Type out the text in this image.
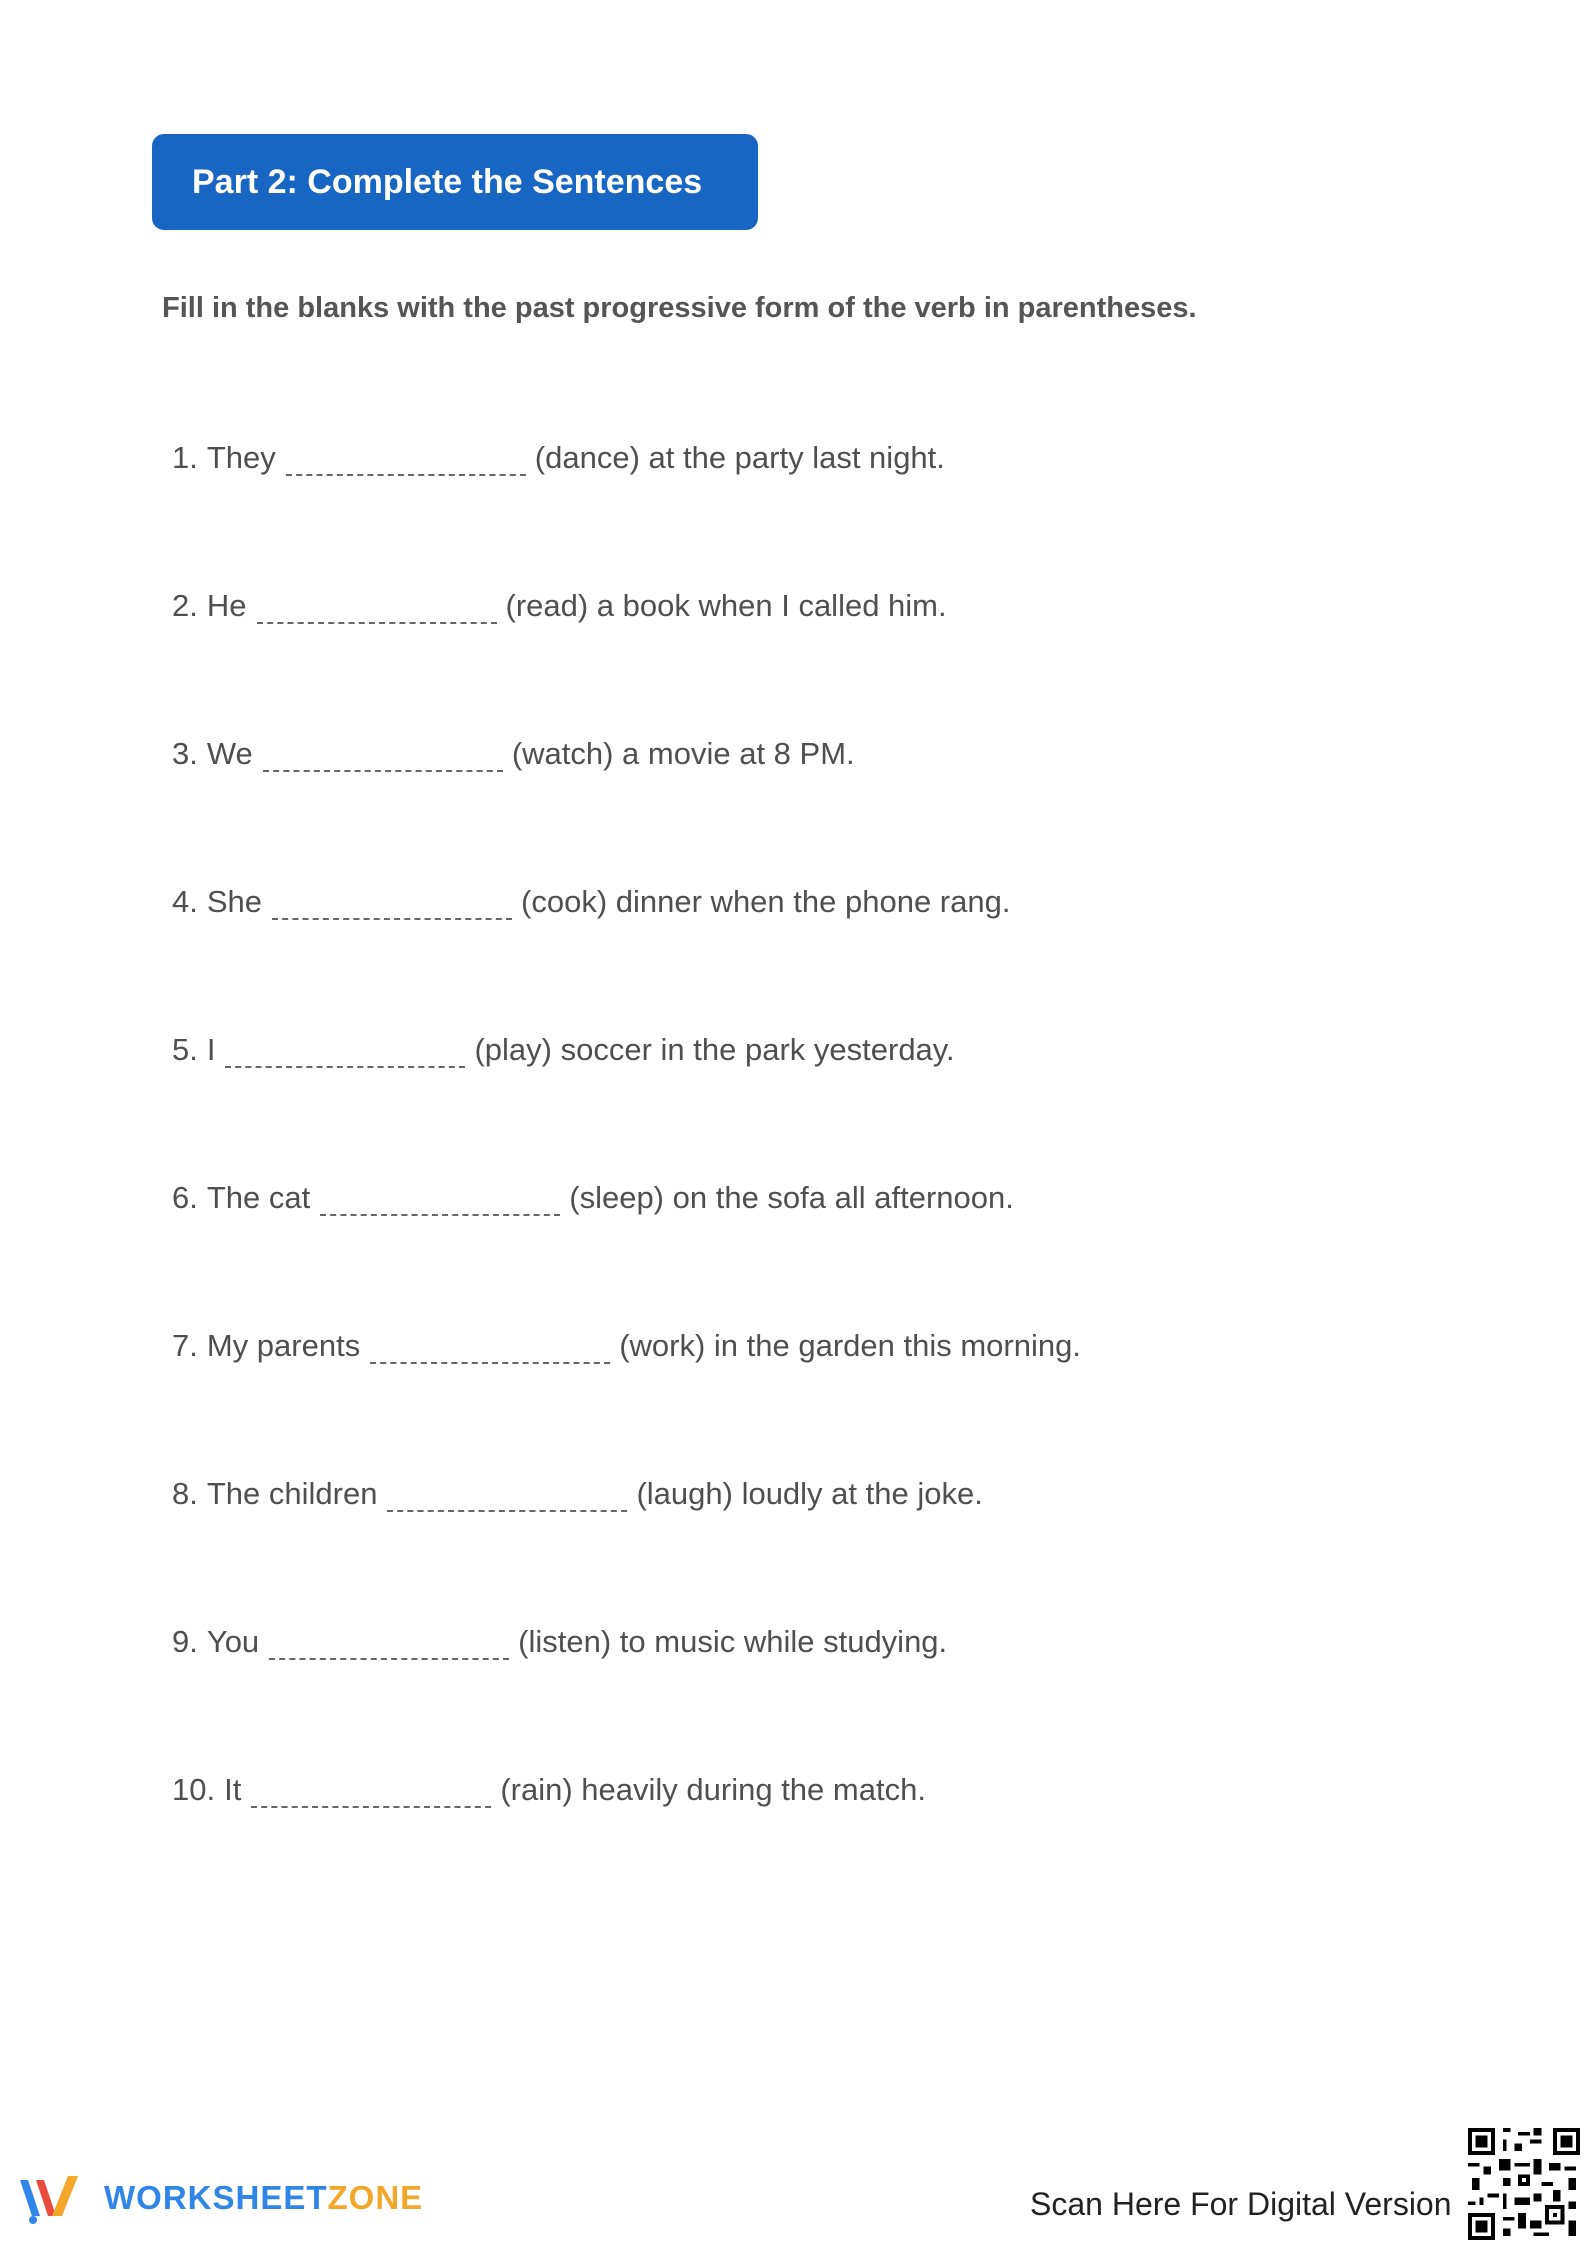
Part 2: Complete the Sentences
Fill in the blanks with the past progressive form of the verb in parentheses.
1. They	(dance) at the party last night.
2. He	(read) a book when I called him.
3. We	(watch) a movie at 8 PM.
4. She	(cook) dinner when the phone rang.
5. I	(play) soccer in the park yesterday.
6. The cat	(sleep) on the sofa all afternoon.
7. My parents	(work) in the garden this morning.
8. The children	(laugh) loudly at the joke.
9. You	(listen) to music while studying.
10. It	(rain) heavily during the match.
WORKSHEETZONE	Scan Here For Digital Version
